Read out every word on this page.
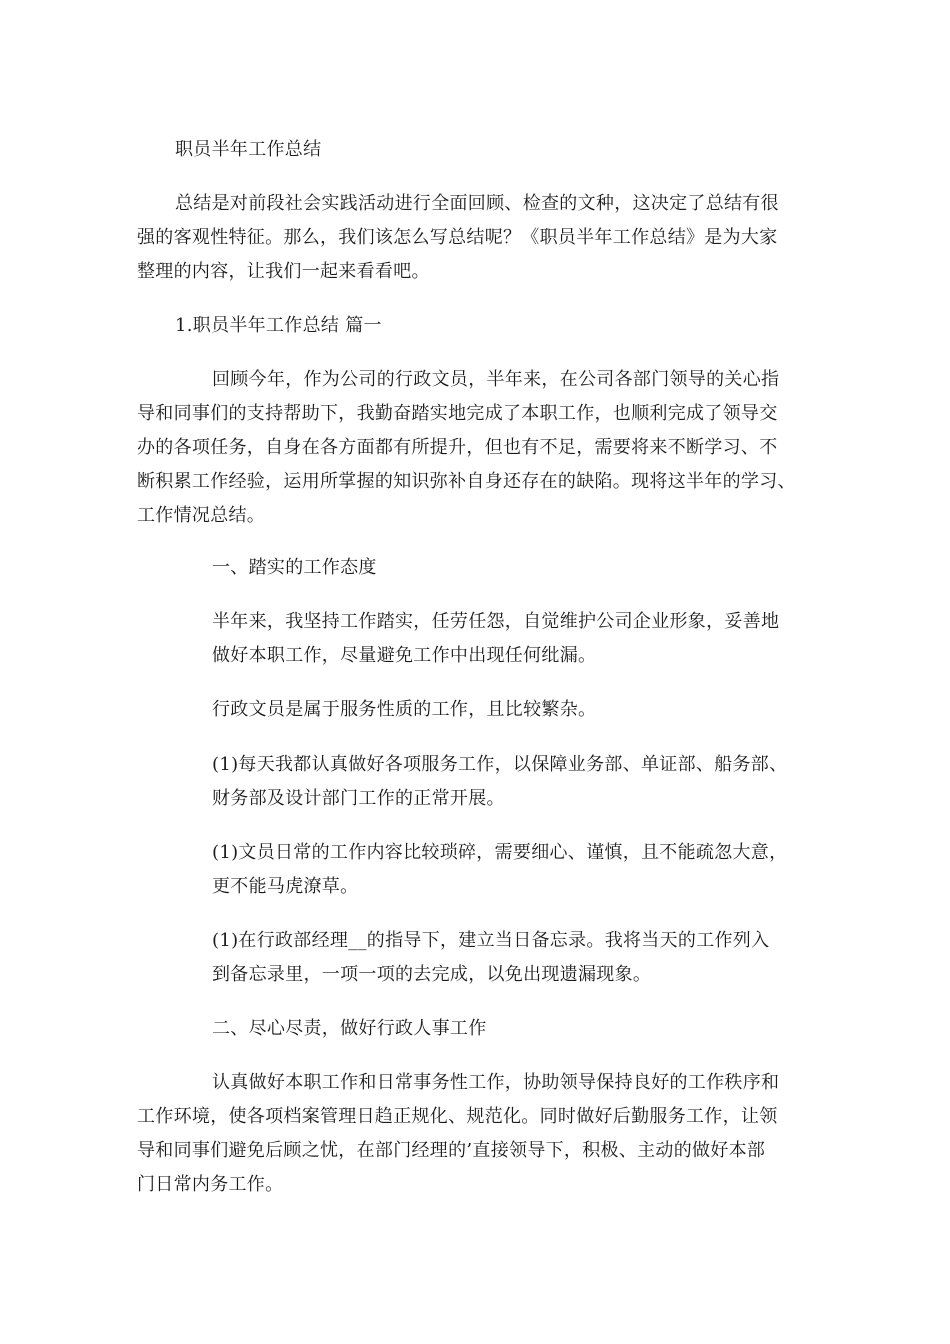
职员半年工作总结
总结是对前段社会实践活动进行全面回顾、检查的文种，这决定了总结有很
强的客观性特征。那么，我们该怎么写总结呢？《职员半年工作总结》是为大家
整理的内容，让我们一起来看看吧。
1.职员半年工作总结 篇一
回顾今年，作为公司的行政文员，半年来，在公司各部门领导的关心指
导和同事们的支持帮助下，我勤奋踏实地完成了本职工作，也顺利完成了领导交
办的各项任务，自身在各方面都有所提升，但也有不足，需要将来不断学习、不
断积累工作经验，运用所掌握的知识弥补自身还存在的缺陷。现将这半年的学习、
工作情况总结。
一、踏实的工作态度
半年来，我坚持工作踏实，任劳任怨，自觉维护公司企业形象，妥善地
做好本职工作，尽量避免工作中出现任何纰漏。
行政文员是属于服务性质的工作，且比较繁杂。
(1)每天我都认真做好各项服务工作，以保障业务部、单证部、船务部、
财务部及设计部门工作的正常开展。
(1)文员日常的工作内容比较琐碎，需要细心、谨慎，且不能疏忽大意，
更不能马虎潦草。
(1)在行政部经理__的指导下，建立当日备忘录。我将当天的工作列入
到备忘录里，一项一项的去完成，以免出现遗漏现象。
二、尽心尽责，做好行政人事工作
认真做好本职工作和日常事务性工作，协助领导保持良好的工作秩序和
工作环境，使各项档案管理日趋正规化、规范化。同时做好后勤服务工作，让领
导和同事们避免后顾之忧，在部门经理的’直接领导下，积极、主动的做好本部
门日常内务工作。
